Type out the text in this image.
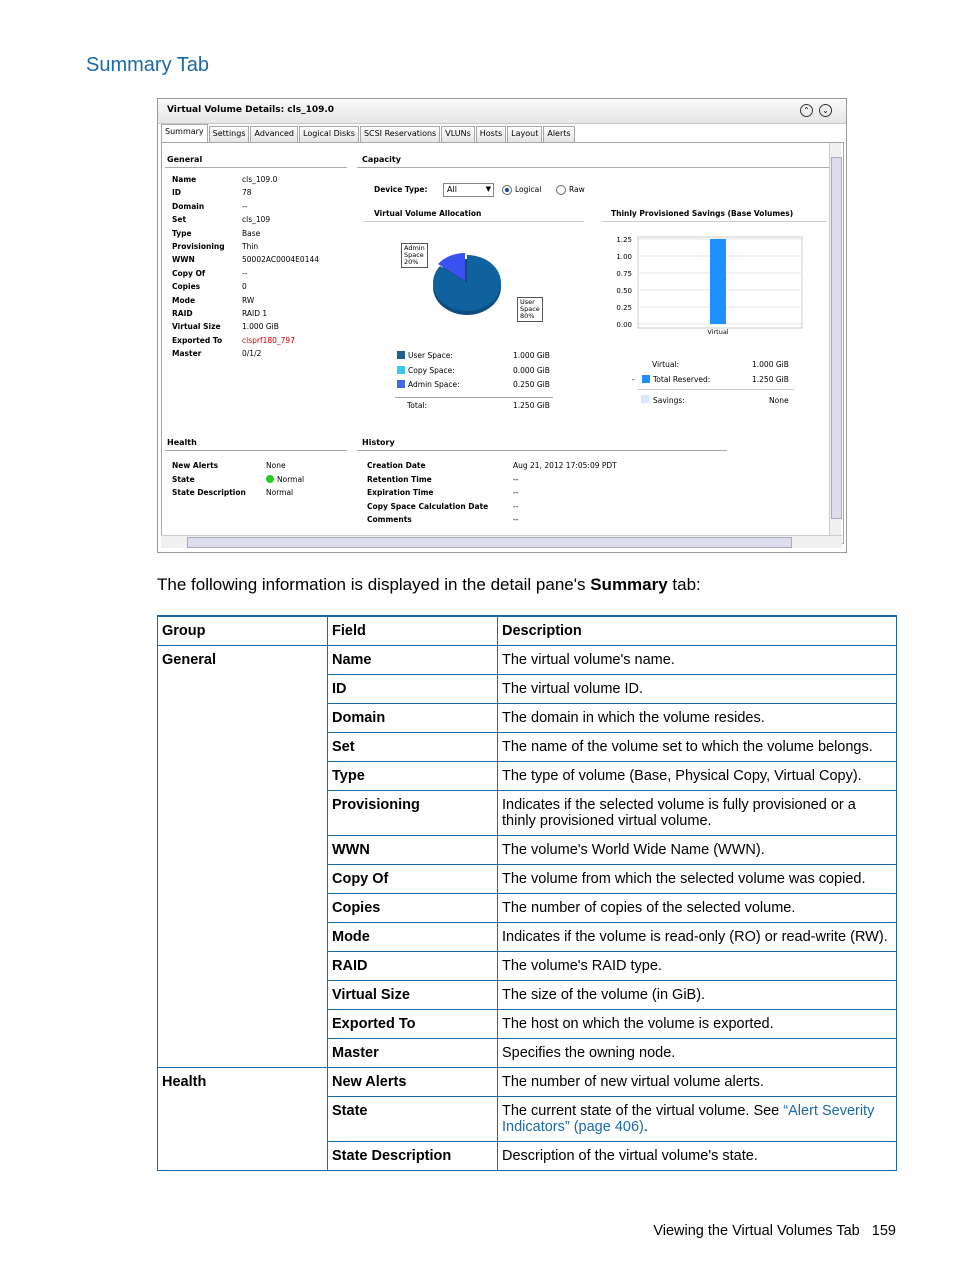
Summary Tab
Virtual Volume Details: cls_109.0	⌃	⌄
Summary	Settings	Advanced	Logical Disks	SCSI Reservations	VLUNs	Hosts	Layout	Alerts
General
Name	cls_109.0
ID	78
Domain	--
Set	cls_109
Type	Base
Provisioning Thin
WWN	50002AC0004E0144
Copy Of	--
Copies	0
Mode	RW
RAID	RAID 1
Virtual Size	1.000 GiB
Exported To	clsprf180_797
Master	0/1/2
Capacity
Device Type: All	▼	Logical	Raw
Virtual Volume Allocation	Thinly Provisioned Savings (Base Volumes)
Admin
Space
20%
User
Space
80%
User Space:	1.000 GiB
Copy Space:	0.000 GiB
Admin Space:	0.250 GiB
Total:	1.250 GiB
1.25
1.00
0.75
0.50
0.25
0.00
Virtual
Virtual:	1.000 GiB
- Total Reserved:	1.250 GiB
Savings:	None
Health
New Alerts	None
State	Normal
State Description	Normal
History
Creation Date	Aug 21, 2012 17:05:09 PDT
Retention Time	--
Expiration Time	--
Copy Space Calculation Date	--
Comments	--
The following information is displayed in the detail pane's Summary tab:
Group	Field	Description
General	Name	The virtual volume's name.
	ID	The virtual volume ID.
	Domain	The domain in which the volume resides.
	Set	The name of the volume set to which the volume belongs.
	Type	The type of volume (Base, Physical Copy, Virtual Copy).
	Provisioning	Indicates if the selected volume is fully provisioned or a thinly provisioned virtual volume.
	WWN	The volume's World Wide Name (WWN).
	Copy Of	The volume from which the selected volume was copied.
	Copies	The number of copies of the selected volume.
	Mode	Indicates if the volume is read-only (RO) or read-write (RW).
	RAID	The volume's RAID type.
	Virtual Size	The size of the volume (in GiB).
	Exported To	The host on which the volume is exported.
	Master	Specifies the owning node.
Health	New Alerts	The number of new virtual volume alerts.
	State	The current state of the virtual volume. See “Alert Severity Indicators” (page 406).
	State Description	Description of the virtual volume's state.
Viewing the Virtual Volumes Tab 159
